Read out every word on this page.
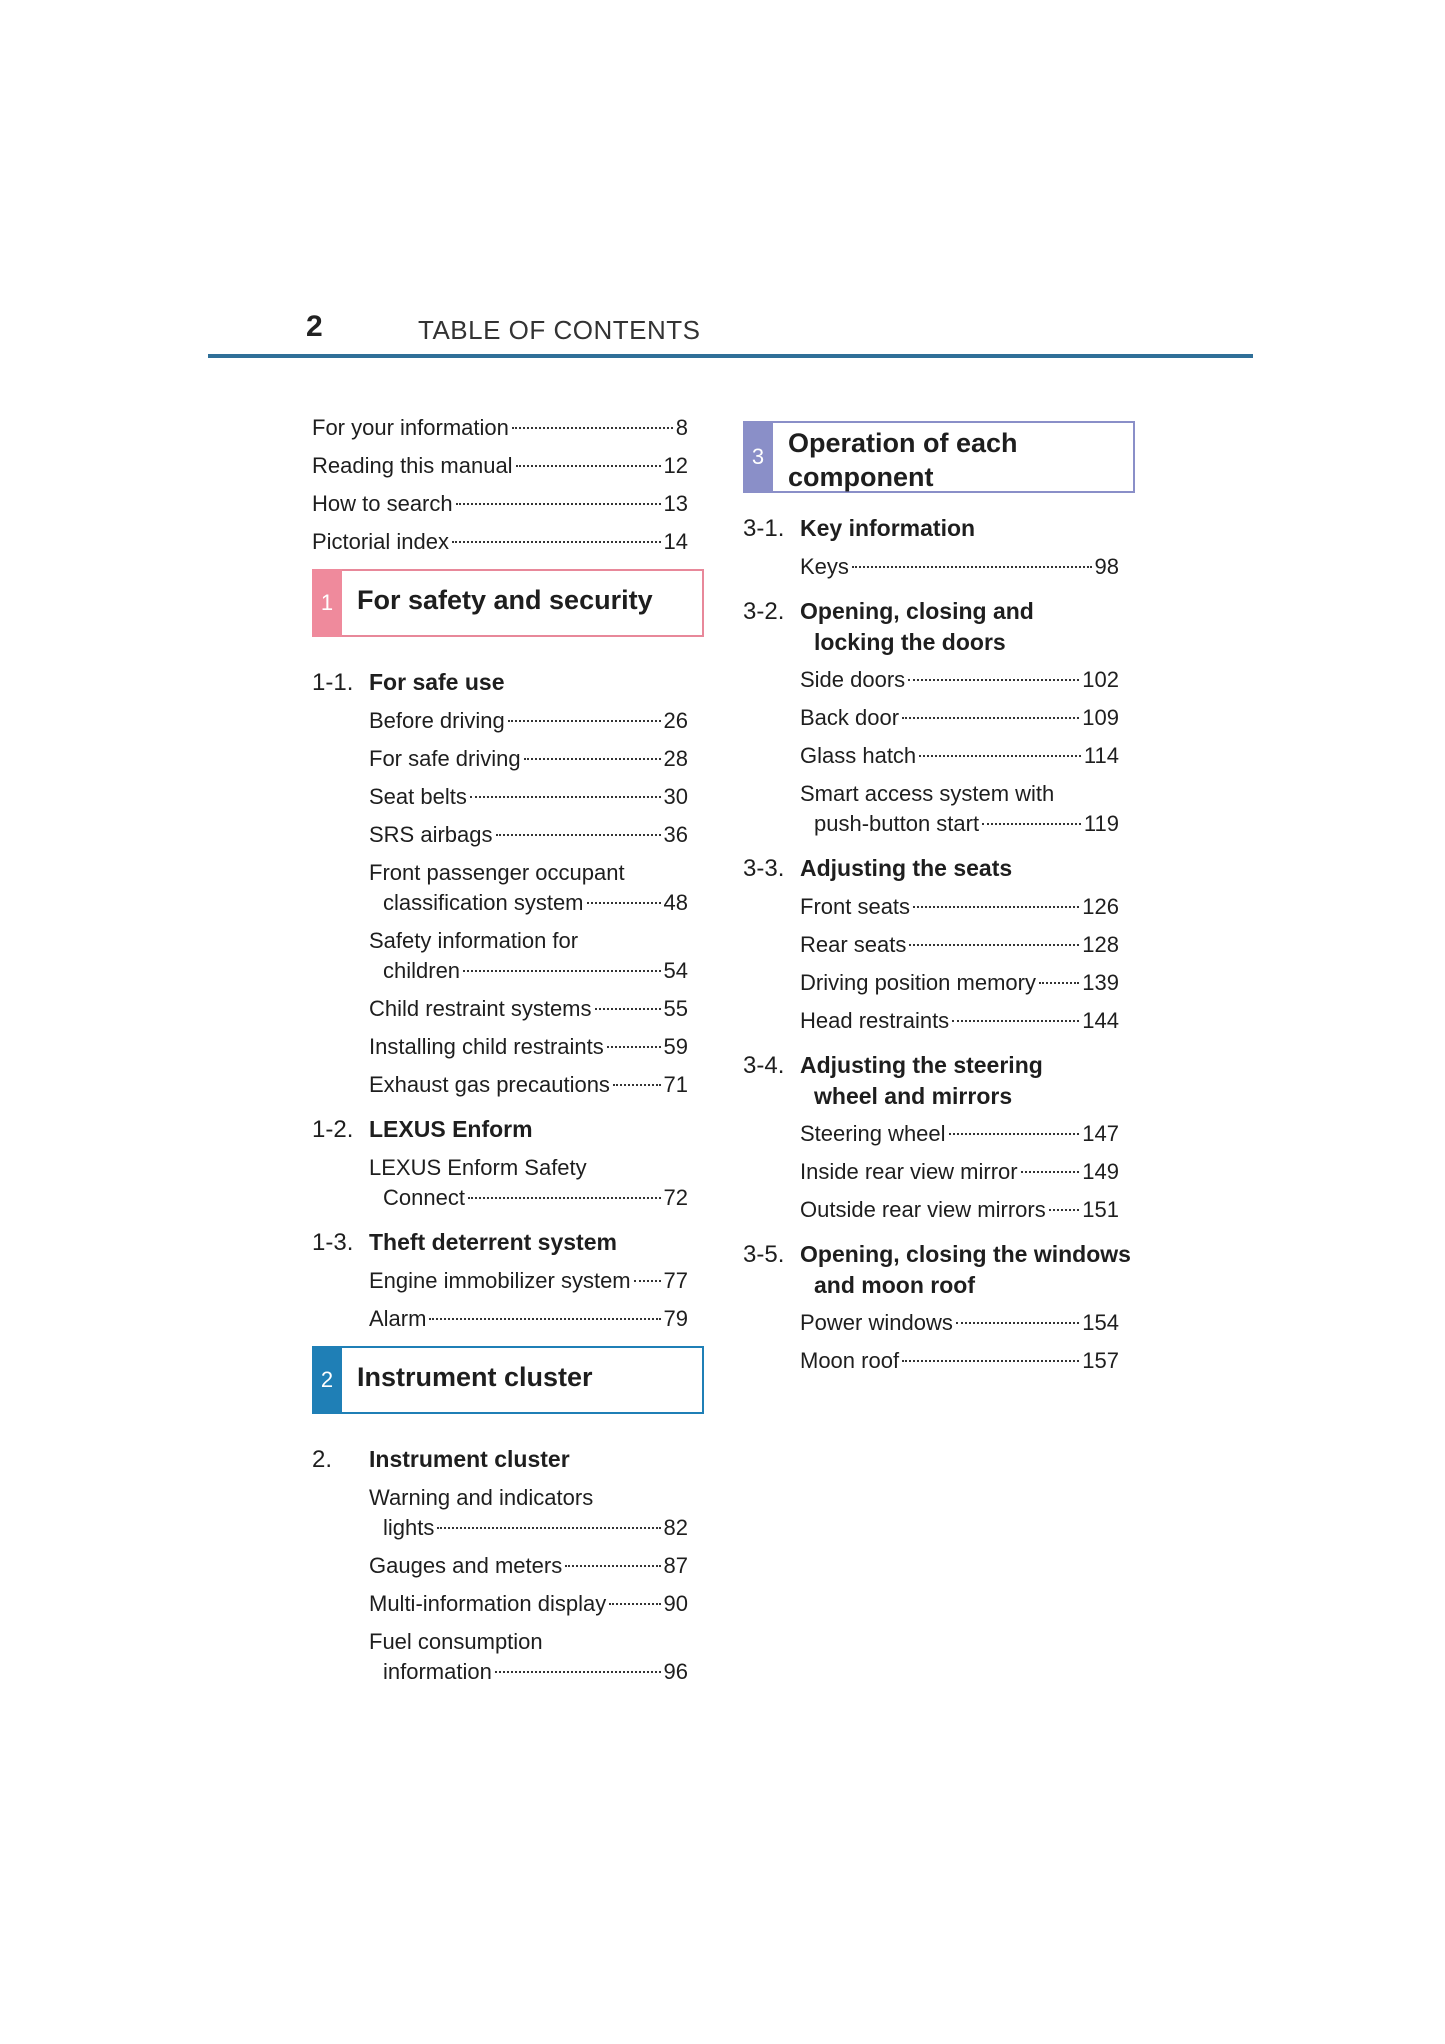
2	TABLE OF CONTENTS
For your information	8
Reading this manual	12
How to search	13
Pictorial index	14
1 For safety and security
1-1. For safe use
Before driving	26
For safe driving	28
Seat belts	30
SRS airbags	36
Front passenger occupant
classification system	48
Safety information for
children	54
Child restraint systems	55
Installing child restraints	59
Exhaust gas precautions 71
1-2. LEXUS Enform
LEXUS Enform Safety
Connect	72
1-3. Theft deterrent system
Engine immobilizer system 77
Alarm	79
2 Instrument cluster
2.	Instrument cluster
Warning and indicators
lights	82
Gauges and meters	87
Multi-information display	90
Fuel consumption
information	96
3 Operation of each component
3-1. Key information
Keys	98
3-2. Opening, closing and
locking the doors
Side doors	102
Back door	109
Glass hatch	114
Smart access system with
push-button start	119
3-3. Adjusting the seats
Front seats	126
Rear seats	128
Driving position memory 139
Head restraints	144
3-4. Adjusting the steering
wheel and mirrors
Steering wheel	147
Inside rear view mirror	149
Outside rear view mirrors 151
3-5. Opening, closing the windows
and moon roof
Power windows	154
Moon roof	157
